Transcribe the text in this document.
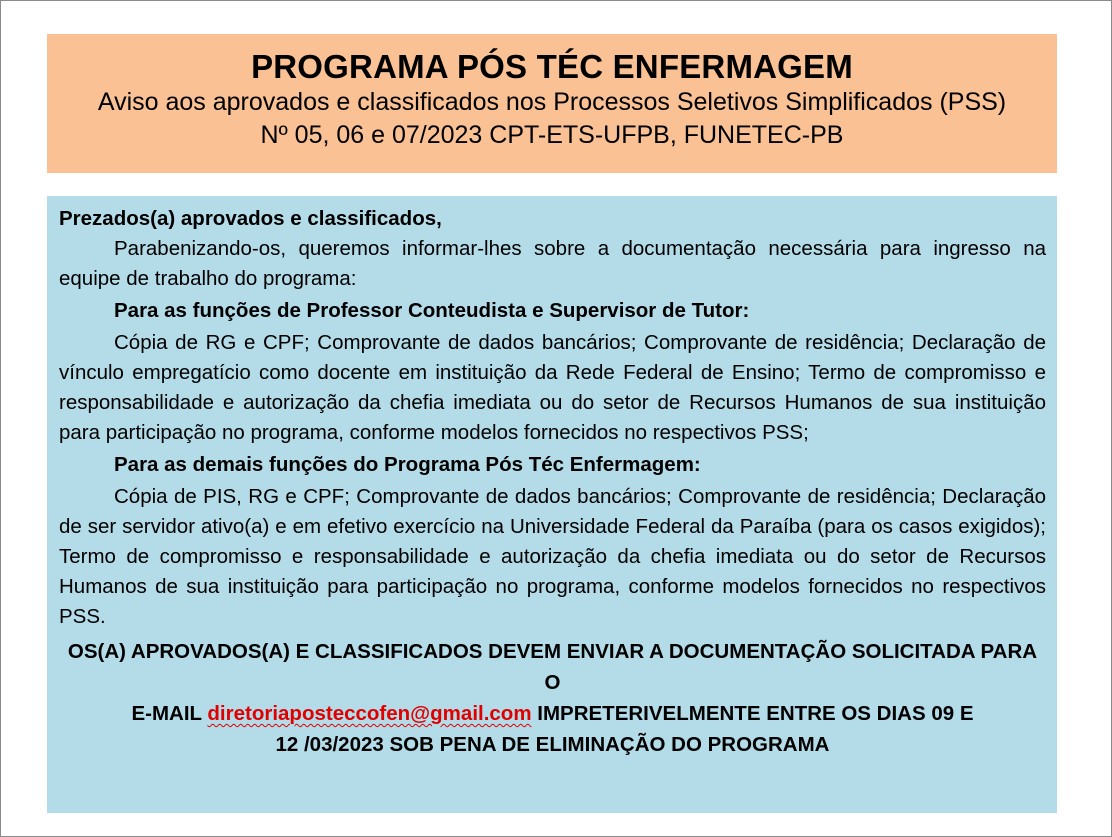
PROGRAMA PÓS TÉC ENFERMAGEM
Aviso aos aprovados e classificados nos Processos Seletivos Simplificados (PSS)
Nº 05, 06 e 07/2023 CPT-ETS-UFPB, FUNETEC-PB

Prezados(a) aprovados e classificados,

Parabenizando-os, queremos informar-lhes sobre a documentação necessária para ingresso na equipe de trabalho do programa:

Para as funções de Professor Conteudista e Supervisor de Tutor:

Cópia de RG e CPF; Comprovante de dados bancários; Comprovante de residência; Declaração de vínculo empregatício como docente em instituição da Rede Federal de Ensino; Termo de compromisso e responsabilidade e autorização da chefia imediata ou do setor de Recursos Humanos de sua instituição para participação no programa, conforme modelos fornecidos no respectivos PSS;

Para as demais funções do Programa Pós Téc Enfermagem:

Cópia de PIS, RG e CPF; Comprovante de dados bancários; Comprovante de residência; Declaração de ser servidor ativo(a) e em efetivo exercício na Universidade Federal da Paraíba (para os casos exigidos); Termo de compromisso e responsabilidade e autorização da chefia imediata ou do setor de Recursos Humanos de sua instituição para participação no programa, conforme modelos fornecidos no respectivos PSS.

OS(A) APROVADOS(A) E CLASSIFICADOS DEVEM ENVIAR A DOCUMENTAÇÃO SOLICITADA PARA O
E-MAIL diretoriaposteccofen@gmail.com IMPRETERIVELMENTE ENTRE OS DIAS 09 E
12 /03/2023 SOB PENA DE ELIMINAÇÃO DO PROGRAMA
